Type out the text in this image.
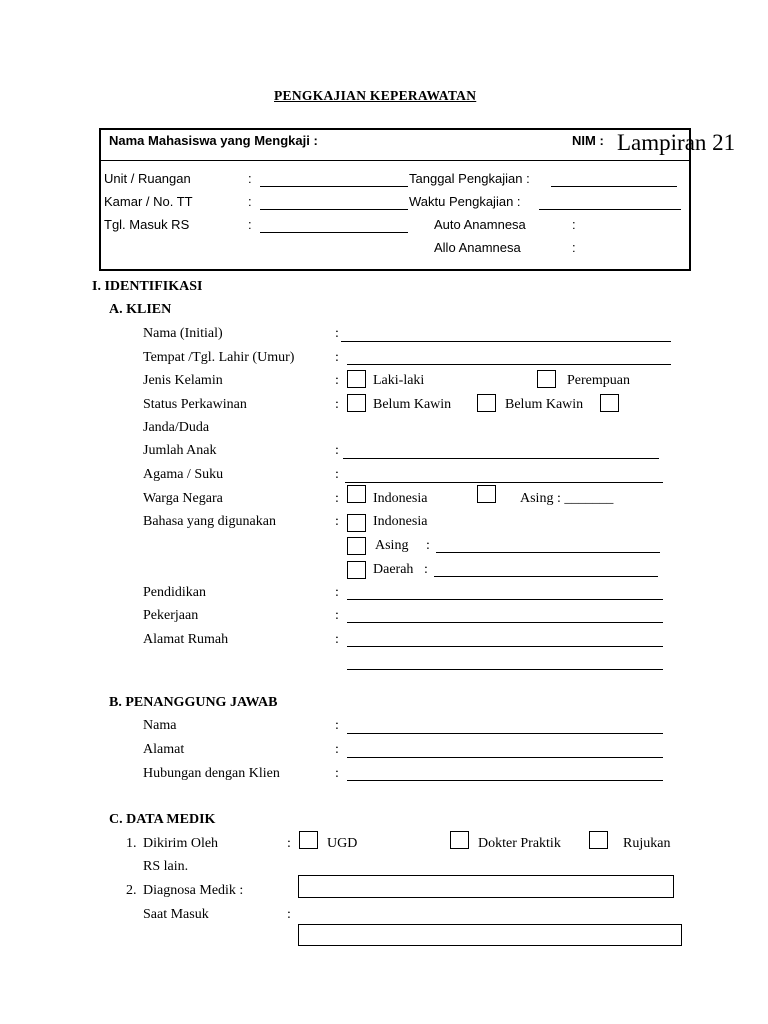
PENGKAJIAN KEPERAWATAN
Nama Mahasiswa yang Mengkaji :	NIM : Lampiran 21
Unit / Ruangan	:	Tanggal Pengkajian :
Kamar / No. TT	:	Waktu Pengkajian :
Tgl. Masuk RS	:	Auto Anamnesa	:
Allo Anamnesa	:
I. IDENTIFIKASI
A. KLIEN
Nama (Initial)	:
Tempat /Tgl. Lahir (Umur)	:
Jenis Kelamin	: Laki-laki	Perempuan
Status Perkawinan	: Belum Kawin	Belum Kawin
Janda/Duda
Jumlah Anak	:
Agama / Suku	:
Warga Negara	: Indonesia	Asing : _______
Bahasa yang digunakan	: Indonesia
Asing :
Daerah :
Pendidikan	:
Pekerjaan	:
Alamat Rumah	:
B. PENANGGUNG JAWAB
Nama	:
Alamat	:
Hubungan dengan Klien	:
C. DATA MEDIK
1. Dikirim Oleh	:	UGD	Dokter Praktik	Rujukan
RS lain.
2. Diagnosa Medik :
Saat Masuk	:
